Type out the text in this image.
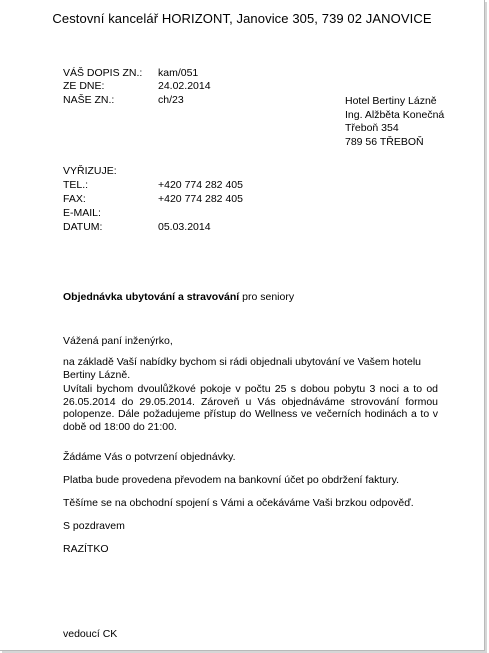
Cestovní kancelář HORIZONT, Janovice 305, 739 02 JANOVICE
VÁŠ DOPIS ZN.: kam/051
ZE DNE:	24.02.2014
NAŠE ZN.:	ch/23	Hotel Bertiny Lázně
Ing. Alžběta Konečná
Třeboň 354
789 56 TŘEBOŇ
VYŘIZUJE:
TEL.:	+420 774 282 405
FAX:	+420 774 282 405
E-MAIL:
DATUM:	05.03.2014
Objednávka ubytování a stravování pro seniory
Vážená paní inženýrko,
na základě Vaší nabídky bychom si rádi objednali ubytování ve Vašem hotelu Bertiny Lázně.
Uvítali bychom dvoulůžkové pokoje v počtu 25 s dobou pobytu 3 noci a to od 26.05.2014 do 29.05.2014. Zároveň u Vás objednáváme strovování formou polopenze. Dále požadujeme přístup do Wellness ve večerních hodinách a to v době od 18:00 do 21:00.
Žádáme Vás o potvrzení objednávky.
Platba bude provedena převodem na bankovní účet po obdržení faktury.
Těšíme se na obchodní spojení s Vámi a očekáváme Vaši brzkou odpověď.
S pozdravem
RAZÍTKO
vedoucí CK
